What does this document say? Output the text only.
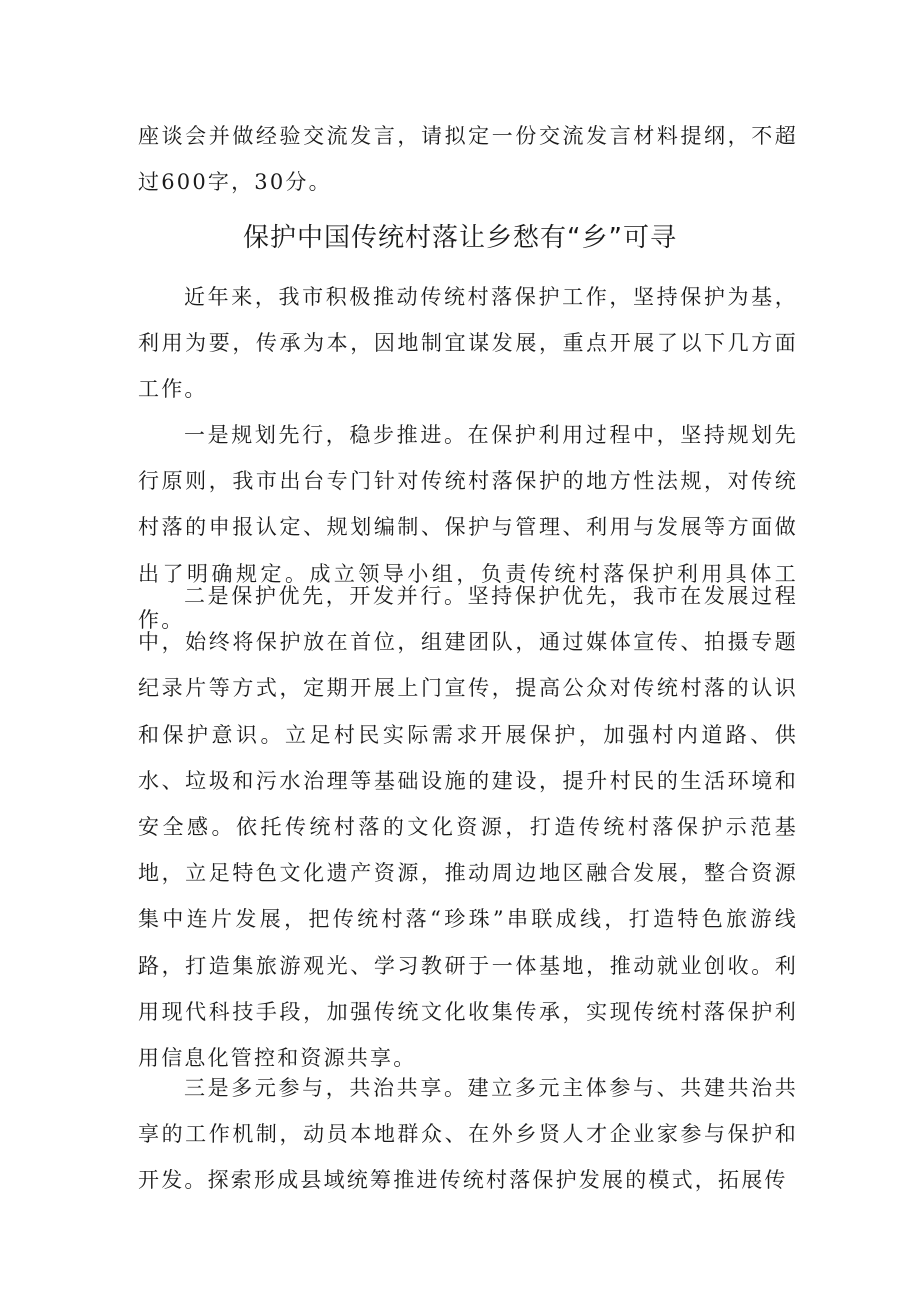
座谈会并做经验交流发言，请拟定一份交流发言材料提纲，不超过600字，30分。

保护中国传统村落让乡愁有“乡”可寻

近年来，我市积极推动传统村落保护工作，坚持保护为基，利用为要，传承为本，因地制宜谋发展，重点开展了以下几方面工作。

一是规划先行，稳步推进。在保护利用过程中，坚持规划先行原则，我市出台专门针对传统村落保护的地方性法规，对传统村落的申报认定、规划编制、保护与管理、利用与发展等方面做出了明确规定。成立领导小组，负责传统村落保护利用具体工作。

二是保护优先，开发并行。坚持保护优先，我市在发展过程中，始终将保护放在首位，组建团队，通过媒体宣传、拍摄专题纪录片等方式，定期开展上门宣传，提高公众对传统村落的认识和保护意识。立足村民实际需求开展保护，加强村内道路、供水、垃圾和污水治理等基础设施的建设，提升村民的生活环境和安全感。依托传统村落的文化资源，打造传统村落保护示范基地，立足特色文化遗产资源，推动周边地区融合发展，整合资源集中连片发展，把传统村落“珍珠”串联成线，打造特色旅游线路，打造集旅游观光、学习教研于一体基地，推动就业创收。利用现代科技手段，加强传统文化收集传承，实现传统村落保护利用信息化管控和资源共享。

三是多元参与，共治共享。建立多元主体参与、共建共治共享的工作机制，动员本地群众、在外乡贤人才企业家参与保护和开发。探索形成县域统筹推进传统村落保护发展的模式，拓展传
